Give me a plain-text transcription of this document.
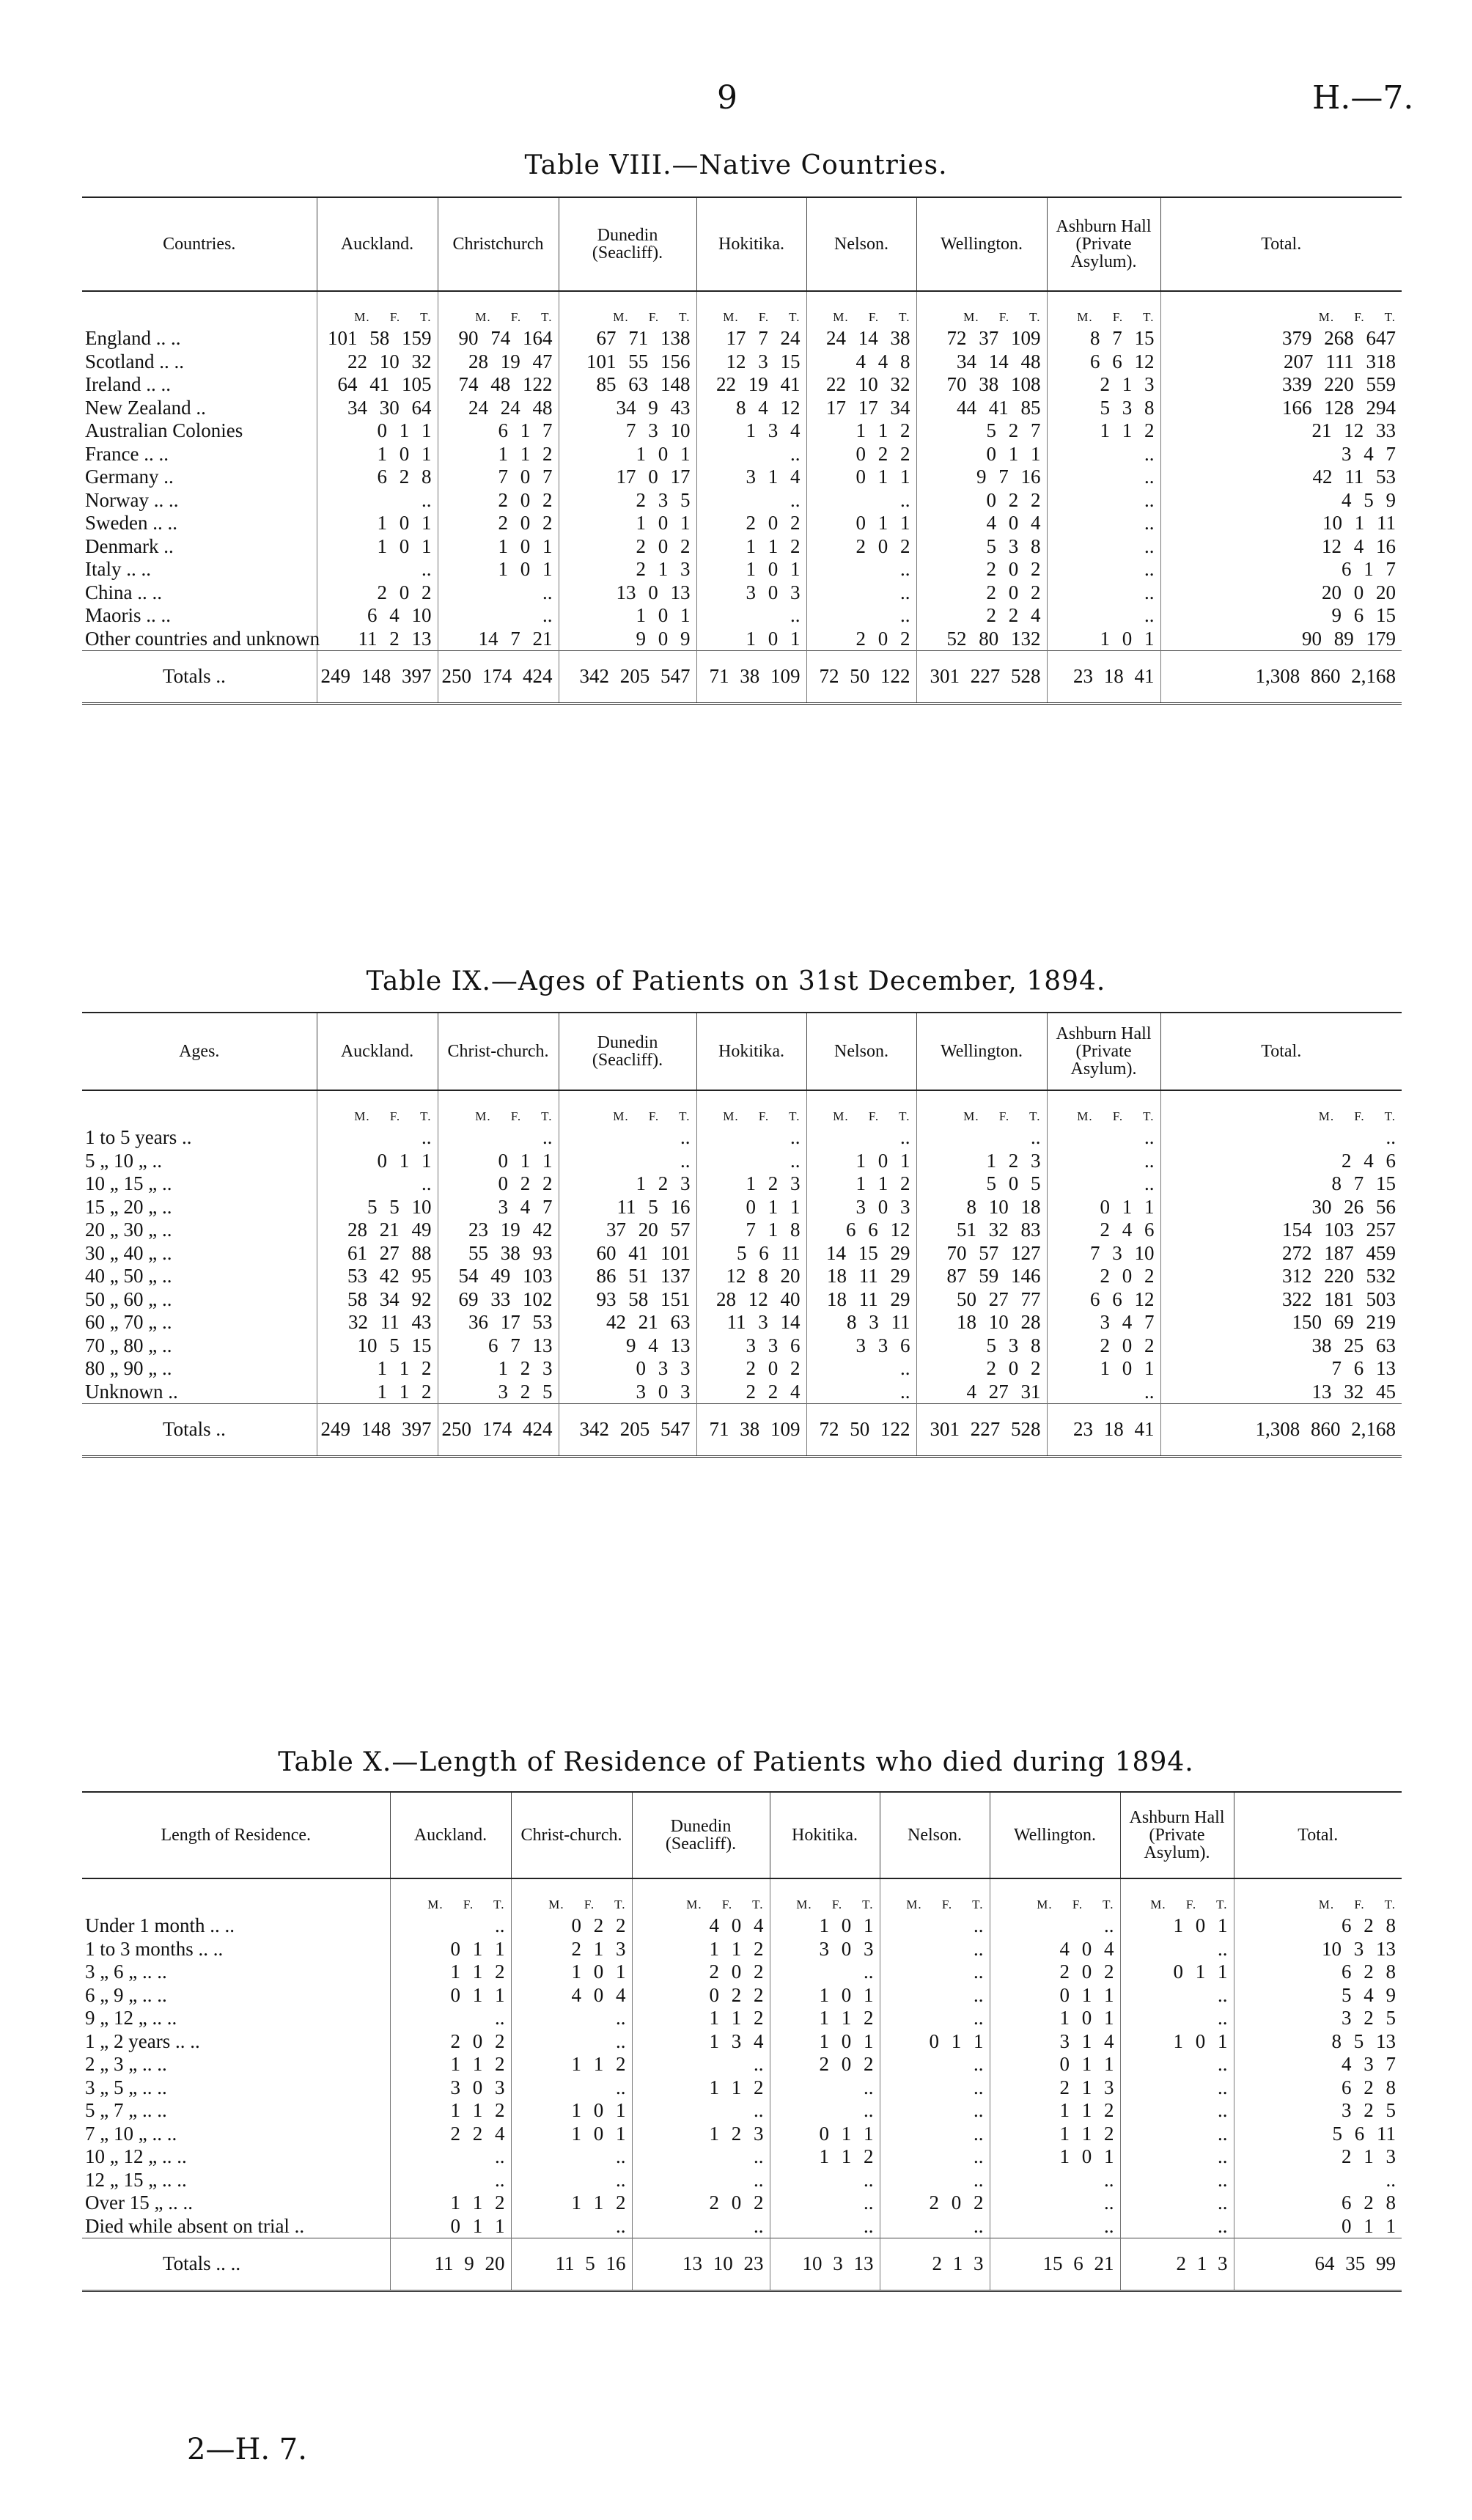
9	H.—7.
Table VIII.—Native Countries.
Countries.	Auckland.	Christchurch	Dunedin (Seacliff).	Hokitika.	Nelson.	Wellington.	Ashburn Hall (Private Asylum).	Total.
	M. F. T.	M. F. T.	M. F. T.	M. F. T.	M. F. T.	M. F. T.	M. F. T.	M. F. T.
England .. ..	101 58 159	90 74 164	67 71 138	17 7 24	24 14 38	72 37 109	8 7 15	379 268 647
Scotland .. ..	22 10 32	28 19 47	101 55 156	12 3 15	4 4 8	34 14 48	6 6 12	207 111 318
Ireland .. ..	64 41 105	74 48 122	85 63 148	22 19 41	22 10 32	70 38 108	2 1 3	339 220 559
New Zealand ..	34 30 64	24 24 48	34 9 43	8 4 12	17 17 34	44 41 85	5 3 8	166 128 294
Australian Colonies	0 1 1	6 1 7	7 3 10	1 3 4	1 1 2	5 2 7	1 1 2	21 12 33
France .. ..	1 0 1	1 1 2	1 0 1	..	0 2 2	0 1 1	..	3 4 7
Germany ..	6 2 8	7 0 7	17 0 17	3 1 4	0 1 1	9 7 16	..	42 11 53
Norway .. ..	..	2 0 2	2 3 5	..	..	0 2 2	..	4 5 9
Sweden .. ..	1 0 1	2 0 2	1 0 1	2 0 2	0 1 1	4 0 4	..	10 1 11
Denmark ..	1 0 1	1 0 1	2 0 2	1 1 2	2 0 2	5 3 8	..	12 4 16
Italy .. ..	..	1 0 1	2 1 3	1 0 1	..	2 0 2	..	6 1 7
China .. ..	2 0 2	..	13 0 13	3 0 3	..	2 0 2	..	20 0 20
Maoris .. ..	6 4 10	..	1 0 1	..	..	2 2 4	..	9 6 15
Other countries and unknown	11 2 13	14 7 21	9 0 9	1 0 1	2 0 2	52 80 132	1 0 1	90 89 179
Totals ..	249 148 397	250 174 424	342 205 547	71 38 109	72 50 122	301 227 528	23 18 41	1,308 860 2,168
Table IX.—Ages of Patients on 31st December, 1894.
Ages.	Auckland.	Christ-church.	Dunedin (Seacliff).	Hokitika.	Nelson.	Wellington.	Ashburn Hall (Private Asylum).	Total.
	M. F. T.	M. F. T.	M. F. T.	M. F. T.	M. F. T.	M. F. T.	M. F. T.	M. F. T.
1 to 5 years ..	..	..	..	..	..	..	..	..
5 „ 10 „ ..	0 1 1	0 1 1	..	..	1 0 1	1 2 3	..	2 4 6
10 „ 15 „ ..	..	0 2 2	1 2 3	1 2 3	1 1 2	5 0 5	..	8 7 15
15 „ 20 „ ..	5 5 10	3 4 7	11 5 16	0 1 1	3 0 3	8 10 18	0 1 1	30 26 56
20 „ 30 „ ..	28 21 49	23 19 42	37 20 57	7 1 8	6 6 12	51 32 83	2 4 6	154 103 257
30 „ 40 „ ..	61 27 88	55 38 93	60 41 101	5 6 11	14 15 29	70 57 127	7 3 10	272 187 459
40 „ 50 „ ..	53 42 95	54 49 103	86 51 137	12 8 20	18 11 29	87 59 146	2 0 2	312 220 532
50 „ 60 „ ..	58 34 92	69 33 102	93 58 151	28 12 40	18 11 29	50 27 77	6 6 12	322 181 503
60 „ 70 „ ..	32 11 43	36 17 53	42 21 63	11 3 14	8 3 11	18 10 28	3 4 7	150 69 219
70 „ 80 „ ..	10 5 15	6 7 13	9 4 13	3 3 6	3 3 6	5 3 8	2 0 2	38 25 63
80 „ 90 „ ..	1 1 2	1 2 3	0 3 3	2 0 2	..	2 0 2	1 0 1	7 6 13
Unknown ..	1 1 2	3 2 5	3 0 3	2 2 4	..	4 27 31	..	13 32 45
Totals ..	249 148 397	250 174 424	342 205 547	71 38 109	72 50 122	301 227 528	23 18 41	1,308 860 2,168
Table X.—Length of Residence of Patients who died during 1894.
Length of Residence.	Auckland.	Christ-church.	Dunedin (Seacliff).	Hokitika.	Nelson.	Wellington.	Ashburn Hall (Private Asylum).	Total.
	M. F. T.	M. F. T.	M. F. T.	M. F. T.	M. F. T.	M. F. T.	M. F. T.	M. F. T.
Under 1 month .. ..	..	0 2 2	4 0 4	1 0 1	..	..	1 0 1	6 2 8
1 to 3 months .. ..	0 1 1	2 1 3	1 1 2	3 0 3	..	4 0 4	..	10 3 13
3 „ 6 „ .. ..	1 1 2	1 0 1	2 0 2	..	..	2 0 2	0 1 1	6 2 8
6 „ 9 „ .. ..	0 1 1	4 0 4	0 2 2	1 0 1	..	0 1 1	..	5 4 9
9 „ 12 „ .. ..	..	..	1 1 2	1 1 2	..	1 0 1	..	3 2 5
1 „ 2 years .. ..	2 0 2	..	1 3 4	1 0 1	0 1 1	3 1 4	1 0 1	8 5 13
2 „ 3 „ .. ..	1 1 2	1 1 2	..	2 0 2	..	0 1 1	..	4 3 7
3 „ 5 „ .. ..	3 0 3	..	1 1 2	..	..	2 1 3	..	6 2 8
5 „ 7 „ .. ..	1 1 2	1 0 1	..	..	..	1 1 2	..	3 2 5
7 „ 10 „ .. ..	2 2 4	1 0 1	1 2 3	0 1 1	..	1 1 2	..	5 6 11
10 „ 12 „ .. ..	..	..	..	1 1 2	..	1 0 1	..	2 1 3
12 „ 15 „ .. ..	..	..	..	..	..	..	..	..
Over 15 „ .. ..	1 1 2	1 1 2	2 0 2	..	2 0 2	..	..	6 2 8
Died while absent on trial ..	0 1 1	..	..	..	..	..	..	0 1 1
Totals .. ..	11 9 20	11 5 16	13 10 23	10 3 13	2 1 3	15 6 21	2 1 3	64 35 99
2—H. 7.
